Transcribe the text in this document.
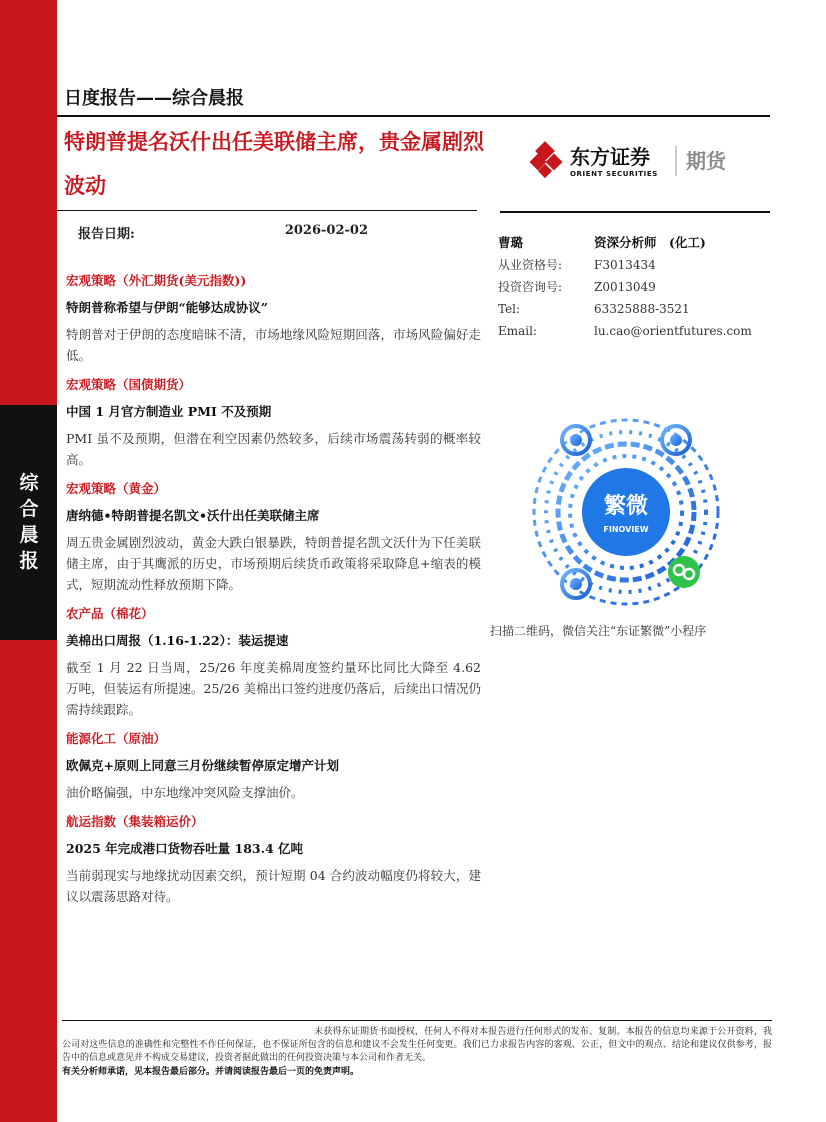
综合晨报
日度报告——综合晨报
特朗普提名沃什出任美联储主席，贵金属剧烈波动
东方证券
ORIENT SECURITIES
期货
报告日期:	2026-02-02
曹璐	资深分析师　(化工)
从业资格号:	F3013434
投资咨询号:	Z0013049
Tel:	63325888-3521
Email:	lu.cao@orientfutures.com
繁微
FINOVIEW
扫描二维码，微信关注“东证繁微”小程序
宏观策略（外汇期货(美元指数))
特朗普称希望与伊朗“能够达成协议”
特朗普对于伊朗的态度暗昧不清，市场地缘风险短期回落，市场风险偏好走低。
宏观策略（国债期货）
中国 1 月官方制造业 PMI 不及预期
PMI 虽不及预期，但潜在利空因素仍然较多，后续市场震荡转弱的概率较高。
宏观策略（黄金）
唐纳德•特朗普提名凯文•沃什出任美联储主席
周五贵金属剧烈波动，黄金大跌白银暴跌，特朗普提名凯文沃什为下任美联储主席，由于其鹰派的历史，市场预期后续货币政策将采取降息+缩表的模式，短期流动性释放预期下降。
农产品（棉花）
美棉出口周报（1.16-1.22）：装运提速
截至 1 月 22 日当周，25/26 年度美棉周度签约量环比同比大降至 4.62 万吨，但装运有所提速。25/26 美棉出口签约进度仍落后，后续出口情况仍需持续跟踪。
能源化工（原油）
欧佩克+原则上同意三月份继续暂停原定增产计划
油价略偏强，中东地缘冲突风险支撑油价。
航运指数（集装箱运价）
2025 年完成港口货物吞吐量 183.4 亿吨
当前弱现实与地缘扰动因素交织，预计短期 04 合约波动幅度仍将较大，建议以震荡思路对待。
未获得东证期货书面授权，任何人不得对本报告进行任何形式的发布、复制。本报告的信息均来源于公开资料，我公司对这些信息的准确性和完整性不作任何保证，也不保证所包含的信息和建议不会发生任何变更。我们已力求报告内容的客观、公正，但文中的观点、结论和建议仅供参考，报告中的信息或意见并不构成交易建议，投资者据此做出的任何投资决策与本公司和作者无关。
有关分析师承诺，见本报告最后部分。并请阅读报告最后一页的免责声明。
